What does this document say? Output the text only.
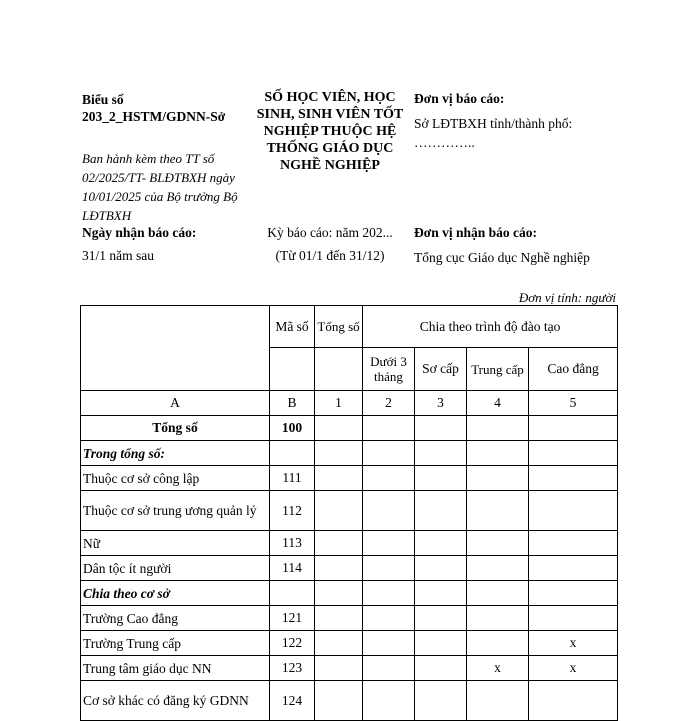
Biểu số 203_2_HSTM/GDNN-Sở
Ban hành kèm theo TT số 02/2025/TT- BLĐTBXH ngày 10/01/2025 của Bộ trưởng Bộ LĐTBXH
SỐ HỌC VIÊN, HỌC SINH, SINH VIÊN TỐT NGHIỆP THUỘC HỆ THỐNG GIÁO DỤC NGHỀ NGHIỆP
Đơn vị báo cáo:
Sở LĐTBXH tỉnh/thành phố: …………..
Ngày nhận báo cáo:
31/1 năm sau
Kỳ báo cáo: năm 202...
(Từ 01/1 đến 31/12)
Đơn vị nhận báo cáo:
Tổng cục Giáo dục Nghề nghiệp
Đơn vị tính: người
	Mã số	Tổng số	Chia theo trình độ đào tạo			
			Dưới 3 tháng	Sơ cấp	Trung cấp	Cao đẳng
A	B	1	2	3	4	5
Tổng số	100					
Trong tổng số:						
Thuộc cơ sở công lập	111					
Thuộc cơ sở trung ương quản lý	112					
Nữ	113					
Dân tộc ít người	114					
Chia theo cơ sở						
Trường Cao đẳng	121					
Trường Trung cấp	122					x
Trung tâm giáo dục NN	123				x	x
Cơ sở khác có đăng ký GDNN	124					
